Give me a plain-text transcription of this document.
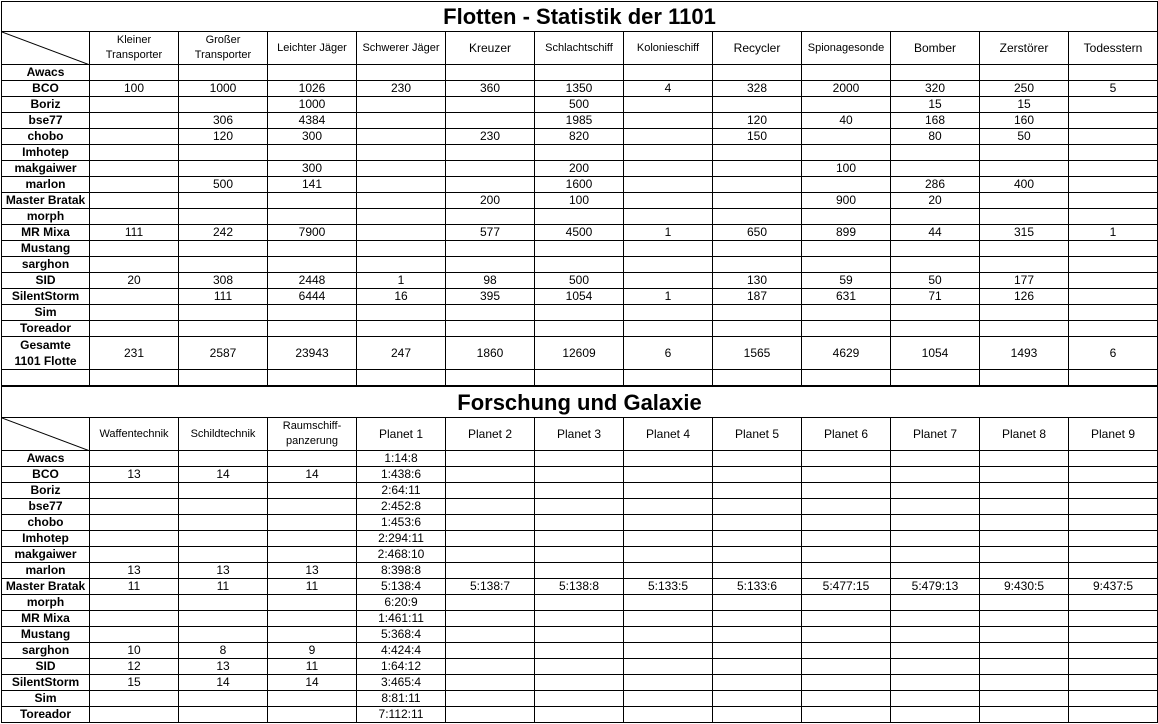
Flotten - Statistik der 1101												

	Kleiner Transporter	Großer Transporter	Leichter Jäger	Schwerer Jäger	Kreuzer	Schlachtschiff	Kolonieschiff	Recycler	Spionagesonde	Bomber	Zerstörer	Todesstern
Awacs												
BCO	100	1000	1026	230	360	1350	4	328	2000	320	250	5
Boriz			1000			500				15	15	
bse77		306	4384			1985		120	40	168	160	
chobo		120	300		230	820		150		80	50	
Imhotep												
makgaiwer			300			200			100			
marlon		500	141			1600				286	400	
Master Bratak					200	100			900	20		
morph												
MR Mixa	111	242	7900		577	4500	1	650	899	44	315	1
Mustang												
sarghon												
SID	20	308	2448	1	98	500		130	59	50	177	
SilentStorm		111	6444	16	395	1054	1	187	631	71	126	
Sim												
Toreador												

Gesamte
1101 Flotte	231	2587	23943	247	1860	12609	6	1565	4629	1054	1493	6

Forschung und Galaxie												

	Waffentechnik	Schildtechnik	Raumschiff-panzerung	Planet 1	Planet 2	Planet 3	Planet 4	Planet 5	Planet 6	Planet 7	Planet 8	Planet 9
Awacs				1:14:8								
BCO	13	14	14	1:438:6								
Boriz				2:64:11								
bse77				2:452:8								
chobo				1:453:6								
Imhotep				2:294:11								
makgaiwer				2:468:10								
marlon	13	13	13	8:398:8								
Master Bratak	11	11	11	5:138:4	5:138:7	5:138:8	5:133:5	5:133:6	5:477:15	5:479:13	9:430:5	9:437:5
morph				6:20:9								
MR Mixa				1:461:11								
Mustang				5:368:4								
sarghon	10	8	9	4:424:4								
SID	12	13	11	1:64:12								
SilentStorm	15	14	14	3:465:4								
Sim				8:81:11								
Toreador				7:112:11								
